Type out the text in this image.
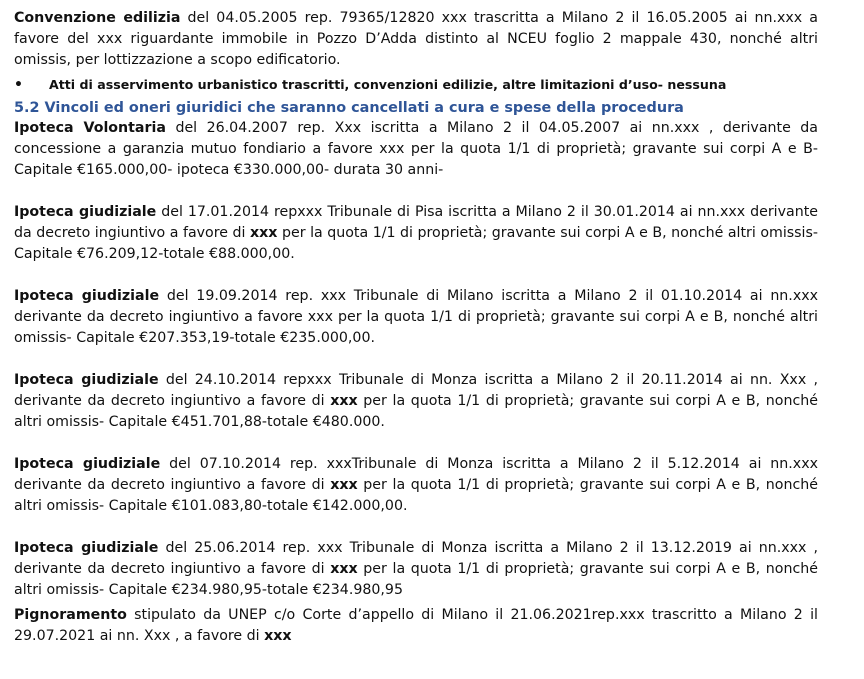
Convenzione edilizia del 04.05.2005 rep. 79365/12820 xxx trascritta a Milano 2 il 16.05.2005 ai nn.xxx a favore del xxx riguardante immobile in Pozzo D’Adda distinto al NCEU foglio 2 mappale 430, nonché altri omissis, per lottizzazione a scopo edificatorio.

•	Atti di asservimento urbanistico trascritti, convenzioni edilizie, altre limitazioni d’uso- nessuna
5.2 Vincoli ed oneri giuridici che saranno cancellati a cura e spese della procedura

Ipoteca Volontaria del 26.04.2007 rep. Xxx iscritta a Milano 2 il 04.05.2007 ai nn.xxx , derivante da concessione a garanzia mutuo fondiario a favore xxx per la quota 1/1 di proprietà; gravante sui corpi A e B- Capitale €165.000,00- ipoteca €330.000,00- durata 30 anni-

Ipoteca giudiziale del 17.01.2014 repxxx Tribunale di Pisa iscritta a Milano 2 il 30.01.2014 ai nn.xxx derivante da decreto ingiuntivo a favore di xxx per la quota 1/1 di proprietà; gravante sui corpi A e B, nonché altri omissis- Capitale €76.209,12-totale €88.000,00.

Ipoteca giudiziale del 19.09.2014 rep. xxx Tribunale di Milano iscritta a Milano 2 il 01.10.2014 ai nn.xxx derivante da decreto ingiuntivo a favore xxx per la quota 1/1 di proprietà; gravante sui corpi A e B, nonché altri omissis- Capitale €207.353,19-totale €235.000,00.

Ipoteca giudiziale del 24.10.2014 repxxx Tribunale di Monza iscritta a Milano 2 il 20.11.2014 ai nn. Xxx , derivante da decreto ingiuntivo a favore di xxx per la quota 1/1 di proprietà; gravante sui corpi A e B, nonché altri omissis- Capitale €451.701,88-totale €480.000.

Ipoteca giudiziale del 07.10.2014 rep. xxxTribunale di Monza iscritta a Milano 2 il 5.12.2014 ai nn.xxx derivante da decreto ingiuntivo a favore di xxx per la quota 1/1 di proprietà; gravante sui corpi A e B, nonché altri omissis- Capitale €101.083,80-totale €142.000,00.

Ipoteca giudiziale del 25.06.2014 rep. xxx Tribunale di Monza iscritta a Milano 2 il 13.12.2019 ai nn.xxx , derivante da decreto ingiuntivo a favore di xxx per la quota 1/1 di proprietà; gravante sui corpi A e B, nonché altri omissis- Capitale €234.980,95-totale €234.980,95

Pignoramento stipulato da UNEP c/o Corte d’appello di Milano il 21.06.2021rep.xxx trascritto a Milano 2 il 29.07.2021 ai nn. Xxx , a favore di xxx
